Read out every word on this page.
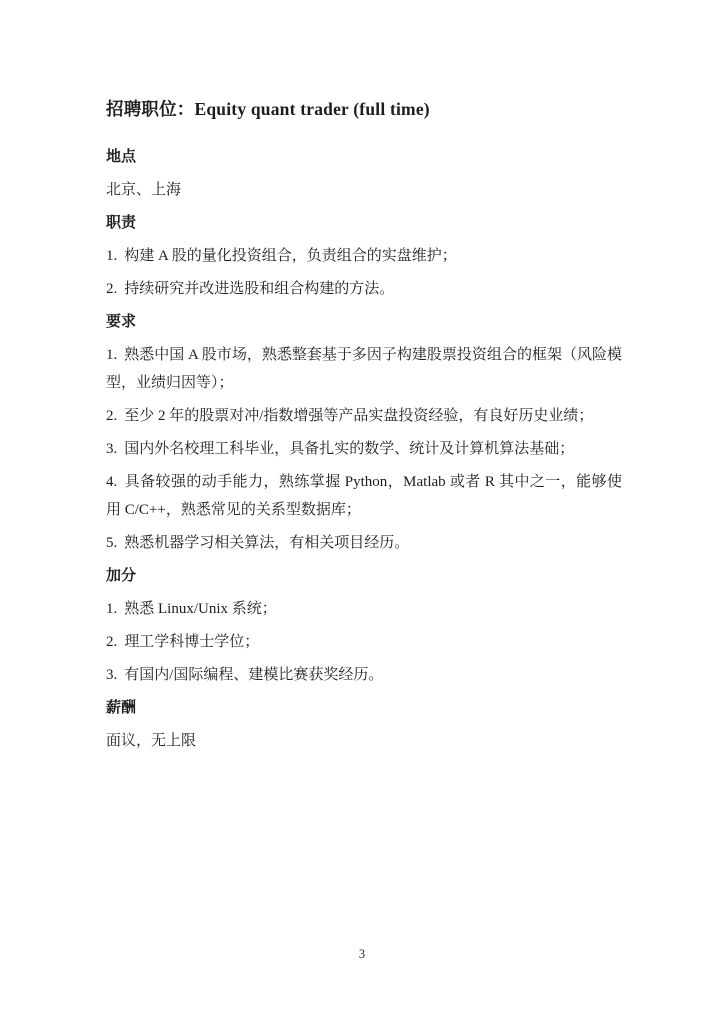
招聘职位：Equity quant trader (full time)
地点

北京、上海

职责

1. 构建 A 股的量化投资组合，负责组合的实盘维护；

2. 持续研究并改进选股和组合构建的方法。

要求

1. 熟悉中国 A 股市场，熟悉整套基于多因子构建股票投资组合的框架（风险模型，业绩归因等）；

2. 至少 2 年的股票对冲/指数增强等产品实盘投资经验，有良好历史业绩；

3. 国内外名校理工科毕业，具备扎实的数学、统计及计算机算法基础；

4. 具备较强的动手能力，熟练掌握 Python，Matlab 或者 R 其中之一，能够使用 C/C++，熟悉常见的关系型数据库；

5. 熟悉机器学习相关算法，有相关项目经历。

加分

1. 熟悉 Linux/Unix 系统；

2. 理工学科博士学位；

3. 有国内/国际编程、建模比赛获奖经历。

薪酬

面议，无上限

3
